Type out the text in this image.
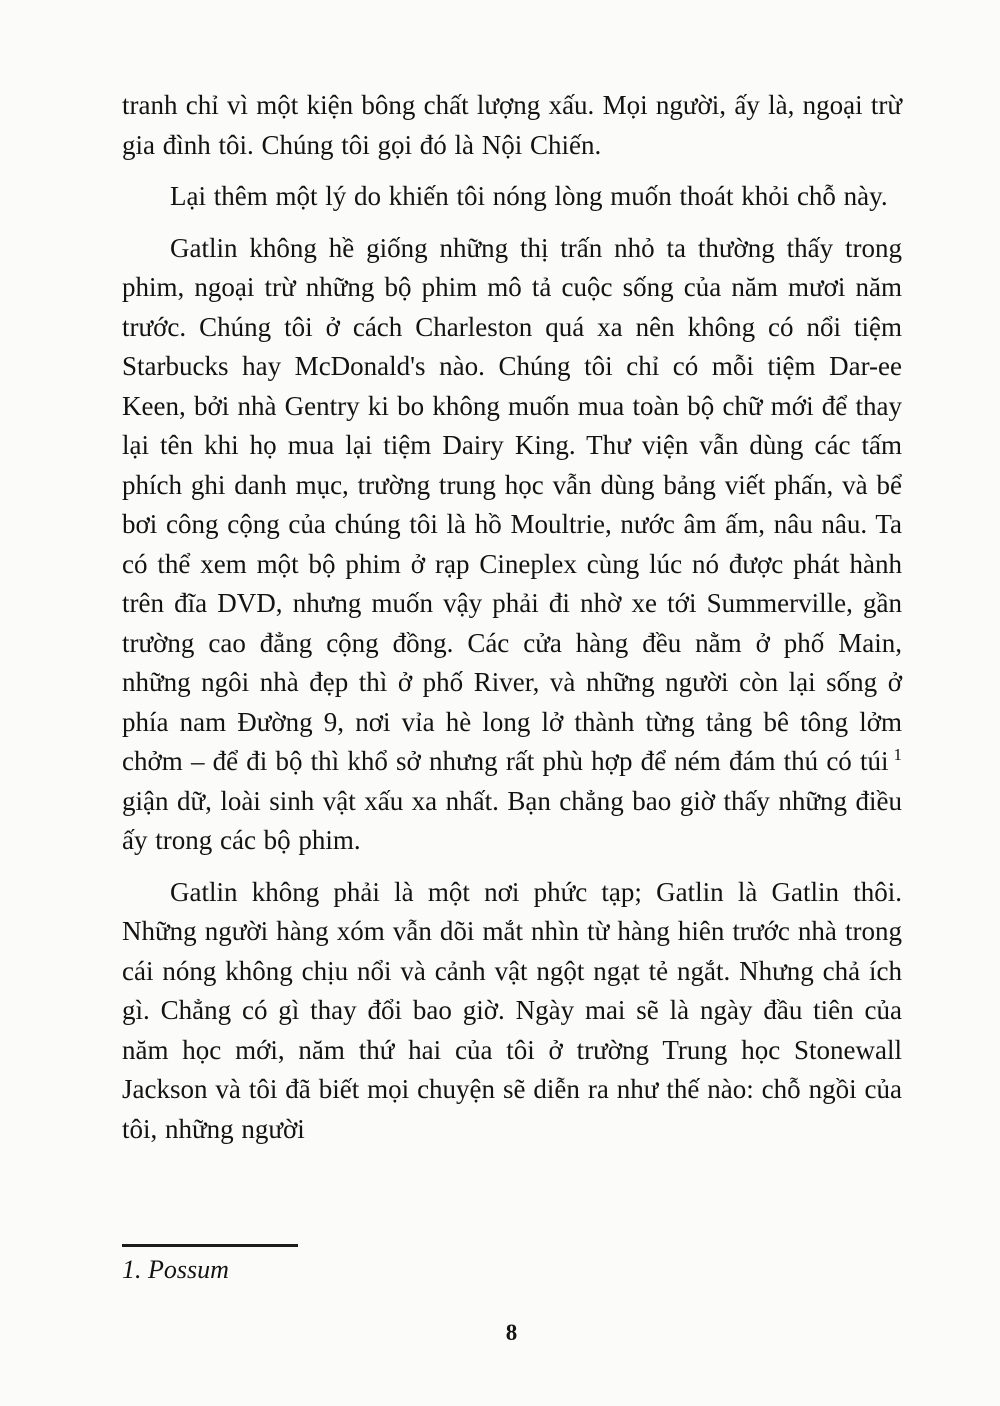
tranh chỉ vì một kiện bông chất lượng xấu. Mọi người, ấy là, ngoại trừ gia đình tôi. Chúng tôi gọi đó là Nội Chiến.

Lại thêm một lý do khiến tôi nóng lòng muốn thoát khỏi chỗ này.

Gatlin không hề giống những thị trấn nhỏ ta thường thấy trong phim, ngoại trừ những bộ phim mô tả cuộc sống của năm mươi năm trước. Chúng tôi ở cách Charleston quá xa nên không có nổi tiệm Starbucks hay McDonald's nào. Chúng tôi chỉ có mỗi tiệm Dar-ee Keen, bởi nhà Gentry ki bo không muốn mua toàn bộ chữ mới để thay lại tên khi họ mua lại tiệm Dairy King. Thư viện vẫn dùng các tấm phích ghi danh mục, trường trung học vẫn dùng bảng viết phấn, và bể bơi công cộng của chúng tôi là hồ Moultrie, nước âm ấm, nâu nâu. Ta có thể xem một bộ phim ở rạp Cineplex cùng lúc nó được phát hành trên đĩa DVD, nhưng muốn vậy phải đi nhờ xe tới Summerville, gần trường cao đẳng cộng đồng. Các cửa hàng đều nằm ở phố Main, những ngôi nhà đẹp thì ở phố River, và những người còn lại sống ở phía nam Đường 9, nơi vỉa hè long lở thành từng tảng bê tông lởm chởm – để đi bộ thì khổ sở nhưng rất phù hợp để ném đám thú có túi $^1$ giận dữ, loài sinh vật xấu xa nhất. Bạn chẳng bao giờ thấy những điều ấy trong các bộ phim.

Gatlin không phải là một nơi phức tạp; Gatlin là Gatlin thôi. Những người hàng xóm vẫn dõi mắt nhìn từ hàng hiên trước nhà trong cái nóng không chịu nổi và cảnh vật ngột ngạt tẻ ngắt. Nhưng chả ích gì. Chẳng có gì thay đổi bao giờ. Ngày mai sẽ là ngày đầu tiên của năm học mới, năm thứ hai của tôi ở trường Trung học Stonewall Jackson và tôi đã biết mọi chuyện sẽ diễn ra như thế nào: chỗ ngồi của tôi, những người

1. Possum
8
